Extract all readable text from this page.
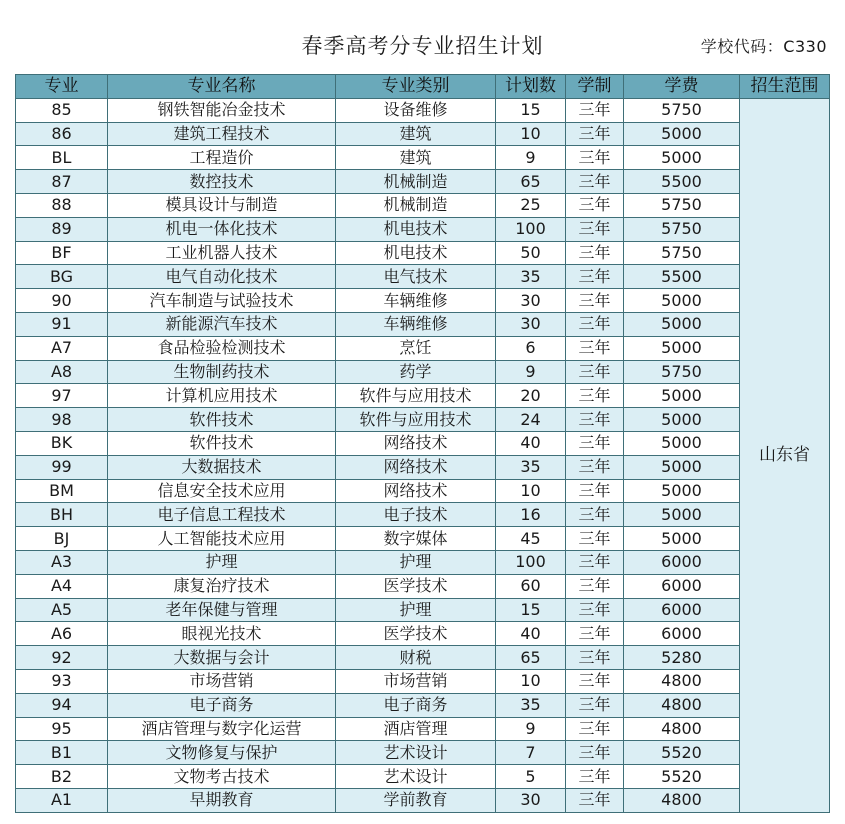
春季高考分专业招生计划	学校代码：C330
专业	专业名称	专业类别	计划数	学制	学费	招生范围
85	钢铁智能冶金技术	设备维修	15	三年	5750	山东省
86	建筑工程技术	建筑	10	三年	5000	
BL	工程造价	建筑	9	三年	5000	
87	数控技术	机械制造	65	三年	5500	
88	模具设计与制造	机械制造	25	三年	5750	
89	机电一体化技术	机电技术	100	三年	5750	
BF	工业机器人技术	机电技术	50	三年	5750	
BG	电气自动化技术	电气技术	35	三年	5500	
90	汽车制造与试验技术	车辆维修	30	三年	5000	
91	新能源汽车技术	车辆维修	30	三年	5000	
A7	食品检验检测技术	烹饪	6	三年	5000	
A8	生物制药技术	药学	9	三年	5750	
97	计算机应用技术	软件与应用技术	20	三年	5000	
98	软件技术	软件与应用技术	24	三年	5000	
BK	软件技术	网络技术	40	三年	5000	
99	大数据技术	网络技术	35	三年	5000	
BM	信息安全技术应用	网络技术	10	三年	5000	
BH	电子信息工程技术	电子技术	16	三年	5000	
BJ	人工智能技术应用	数字媒体	45	三年	5000	
A3	护理	护理	100	三年	6000	
A4	康复治疗技术	医学技术	60	三年	6000	
A5	老年保健与管理	护理	15	三年	6000	
A6	眼视光技术	医学技术	40	三年	6000	
92	大数据与会计	财税	65	三年	5280	
93	市场营销	市场营销	10	三年	4800	
94	电子商务	电子商务	35	三年	4800	
95	酒店管理与数字化运营	酒店管理	9	三年	4800	
B1	文物修复与保护	艺术设计	7	三年	5520	
B2	文物考古技术	艺术设计	5	三年	5520	
A1	早期教育	学前教育	30	三年	4800	
